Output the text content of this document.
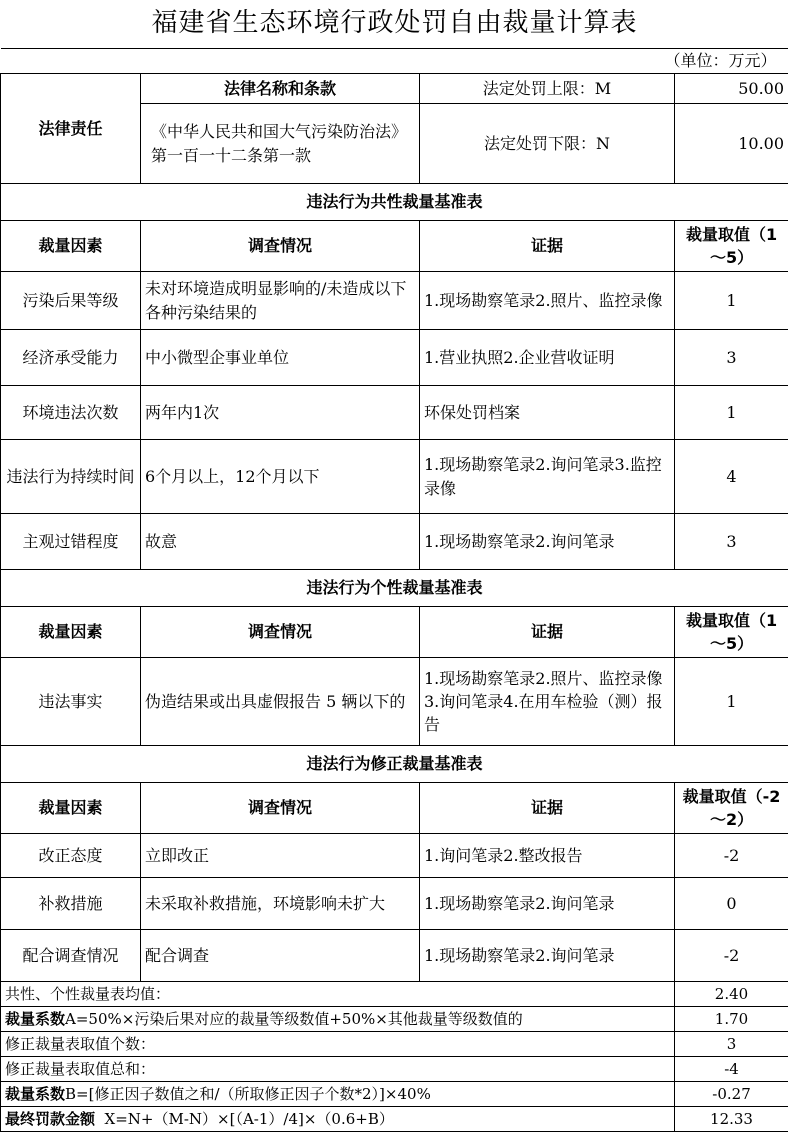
福建省生态环境行政处罚自由裁量计算表			
（单位：万元）			
法律责任	法律名称和条款	法定处罚上限：M	50.00
	《中华人民共和国大气污染防治法》第一百一十二条第一款	法定处罚下限：N	10.00
违法行为共性裁量基准表			
裁量因素	调查情况	证据	裁量取值（1～5）
污染后果等级	未对环境造成明显影响的/未造成以下各种污染结果的	1.现场勘察笔录2.照片、监控录像	1
经济承受能力	中小微型企事业单位	1.营业执照2.企业营收证明	3
环境违法次数	两年内1次	环保处罚档案	1
违法行为持续时间	6个月以上，12个月以下	1.现场勘察笔录2.询问笔录3.监控录像	4
主观过错程度	故意	1.现场勘察笔录2.询问笔录	3
违法行为个性裁量基准表			
裁量因素	调查情况	证据	裁量取值（1～5）
违法事实	伪造结果或出具虚假报告 5 辆以下的	1.现场勘察笔录2.照片、监控录像3.询问笔录4.在用车检验（测）报告	1
违法行为修正裁量基准表			
裁量因素	调查情况	证据	裁量取值（-2～2）
改正态度	立即改正	1.询问笔录2.整改报告	-2
补救措施	未采取补救措施，环境影响未扩大	1.现场勘察笔录2.询问笔录	0
配合调查情况	配合调查	1.现场勘察笔录2.询问笔录	-2
共性、个性裁量表均值：			2.40
裁量系数A=50%×污染后果对应的裁量等级数值+50%×其他裁量等级数值的			1.70
修正裁量表取值个数：			3
修正裁量表取值总和：			-4
裁量系数B=[修正因子数值之和/（所取修正因子个数*2）]×40%			-0.27
最终罚款金额  X=N+（M-N）×[（A-1）/4]×（0.6+B）			12.33
